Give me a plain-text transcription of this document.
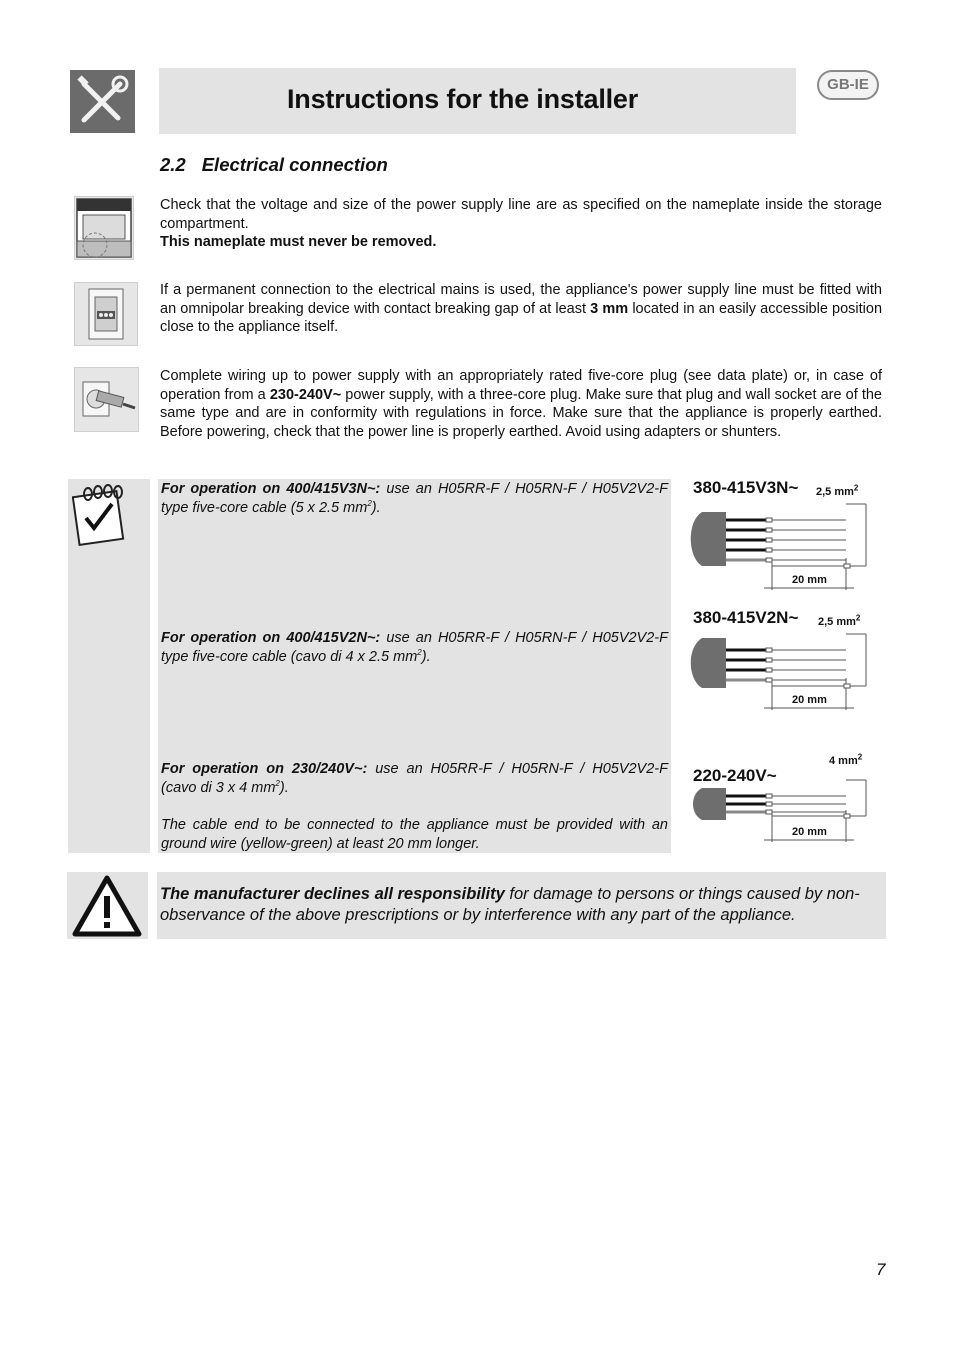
Instructions for the installer	GB-IE
2.2 Electrical connection
Check that the voltage and size of the power supply line are as specified on the nameplate inside the storage compartment.
This nameplate must never be removed.
If a permanent connection to the electrical mains is used, the appliance's power supply line must be fitted with an omnipolar breaking device with contact breaking gap of at least 3 mm located in an easily accessible position close to the appliance itself.
Complete wiring up to power supply with an appropriately rated five-core plug (see data plate) or, in case of operation from a 230-240V~ power supply, with a three-core plug. Make sure that plug and wall socket are of the same type and are in conformity with regulations in force. Make sure that the appliance is properly earthed. Before powering, check that the power line is properly earthed. Avoid using adapters or shunters.
For operation on 400/415V3N~: use an H05RR-F / H05RN-F / H05V2V2-F type five-core cable (5 x 2.5 $mm^2$).
For operation on 400/415V2N~: use an H05RR-F / H05RN-F / H05V2V2-F type five-core cable (cavo di 4 x 2.5 $mm^2$).
For operation on 230/240V~: use an H05RR-F / H05RN-F / H05V2V2-F (cavo di 3 x 4 $mm^2$).
The cable end to be connected to the appliance must be provided with an ground wire (yellow-green) at least 20 mm longer.
380-415V3N~ 2,5 $mm^2$
20 mm
380-415V2N~ 2,5 $mm^2$
20 mm
220-240V~
4 $mm^2$
20 mm
The manufacturer declines all responsibility for damage to persons or things caused by non-observance of the above prescriptions or by interference with any part of the appliance.
7
